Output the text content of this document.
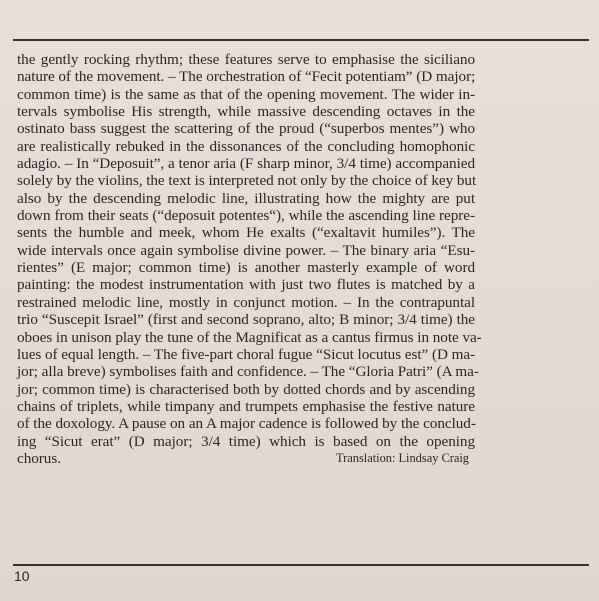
the gently rocking rhythm; these features serve to emphasise the siciliano
nature of the movement. – The orchestration of “Fecit potentiam” (D major;
common time) is the same as that of the opening movement. The wider in-
tervals symbolise His strength, while massive descending octaves in the
ostinato bass suggest the scattering of the proud (“superbos mentes”) who
are realistically rebuked in the dissonances of the concluding homophonic
adagio. – In “Deposuit”, a tenor aria (F sharp minor, 3/4 time) accompanied
solely by the violins, the text is interpreted not only by the choice of key but
also by the descending melodic line, illustrating how the mighty are put
down from their seats (“deposuit potentes“), while the ascending line repre-
sents the humble and meek, whom He exalts (“exaltavit humiles”). The
wide intervals once again symbolise divine power. – The binary aria “Esu-
rientes” (E major; common time) is another masterly example of word
painting: the modest instrumentation with just two flutes is matched by a
restrained melodic line, mostly in conjunct motion. – In the contrapuntal
trio “Suscepit Israel” (first and second soprano, alto; B minor; 3/4 time) the
oboes in unison play the tune of the Magnificat as a cantus firmus in note va-
lues of equal length. – The five-part choral fugue “Sicut locutus est” (D ma-
jor; alla breve) symbolises faith and confidence. – The “Gloria Patri” (A ma-
jor; common time) is characterised both by dotted chords and by ascending
chains of triplets, while timpany and trumpets emphasise the festive nature
of the doxology. A pause on an A major cadence is followed by the conclud-
ing “Sicut erat” (D major; 3/4 time) which is based on the opening
chorus.	Translation: Lindsay Craig
10
